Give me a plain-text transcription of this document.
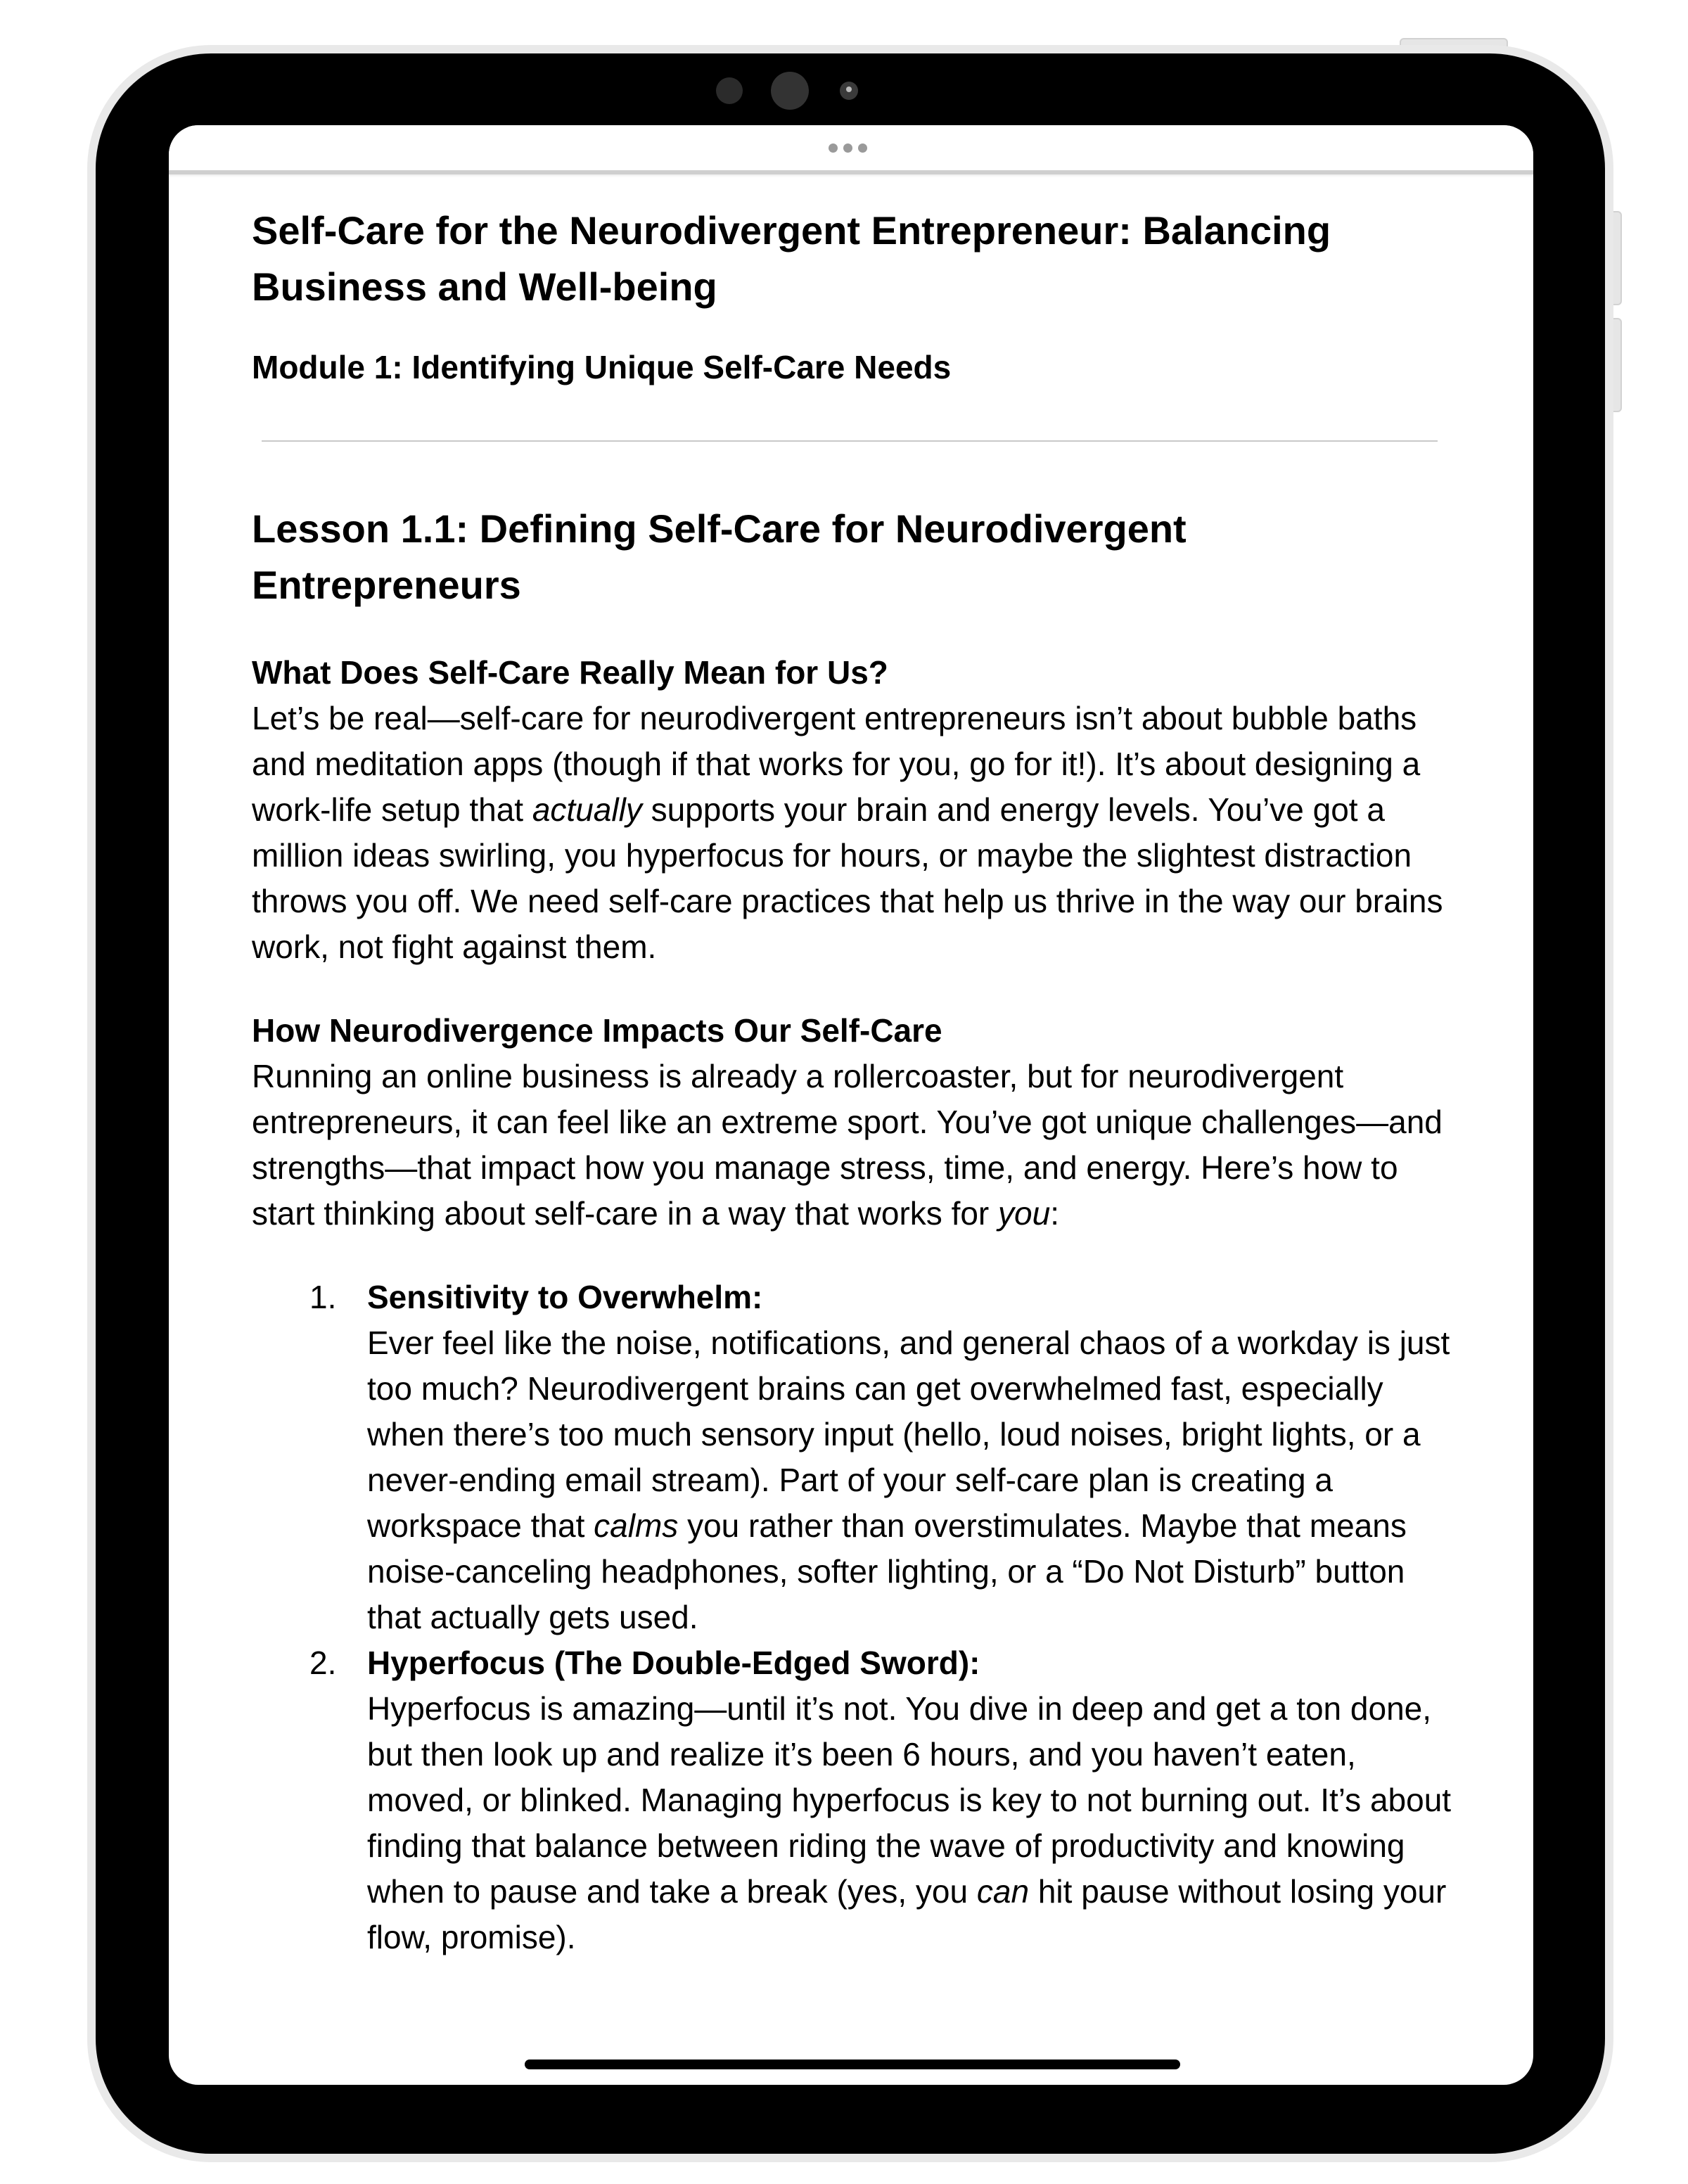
Self-Care for the Neurodivergent Entrepreneur: Balancing Business and Well-being
Module 1: Identifying Unique Self-Care Needs
Lesson 1.1: Defining Self-Care for Neurodivergent Entrepreneurs
What Does Self-Care Really Mean for Us?

Let’s be real—self-care for neurodivergent entrepreneurs isn’t about bubble baths and meditation apps (though if that works for you, go for it!). It’s about designing a work-life setup that actually supports your brain and energy levels. You’ve got a million ideas swirling, you hyperfocus for hours, or maybe the slightest distraction throws you off. We need self-care practices that help us thrive in the way our brains work, not fight against them.

How Neurodivergence Impacts Our Self-Care

Running an online business is already a rollercoaster, but for neurodivergent entrepreneurs, it can feel like an extreme sport. You’ve got unique challenges—and strengths—that impact how you manage stress, time, and energy. Here’s how to start thinking about self-care in a way that works for you:

1. Sensitivity to Overwhelm:
Ever feel like the noise, notifications, and general chaos of a workday is just too much? Neurodivergent brains can get overwhelmed fast, especially when there’s too much sensory input (hello, loud noises, bright lights, or a never-ending email stream). Part of your self-care plan is creating a workspace that calms you rather than overstimulates. Maybe that means noise-canceling headphones, softer lighting, or a “Do Not Disturb” button that actually gets used.
2. Hyperfocus (The Double-Edged Sword):
Hyperfocus is amazing—until it’s not. You dive in deep and get a ton done, but then look up and realize it’s been 6 hours, and you haven’t eaten, moved, or blinked. Managing hyperfocus is key to not burning out. It’s about finding that balance between riding the wave of productivity and knowing when to pause and take a break (yes, you can hit pause without losing your flow, promise).
